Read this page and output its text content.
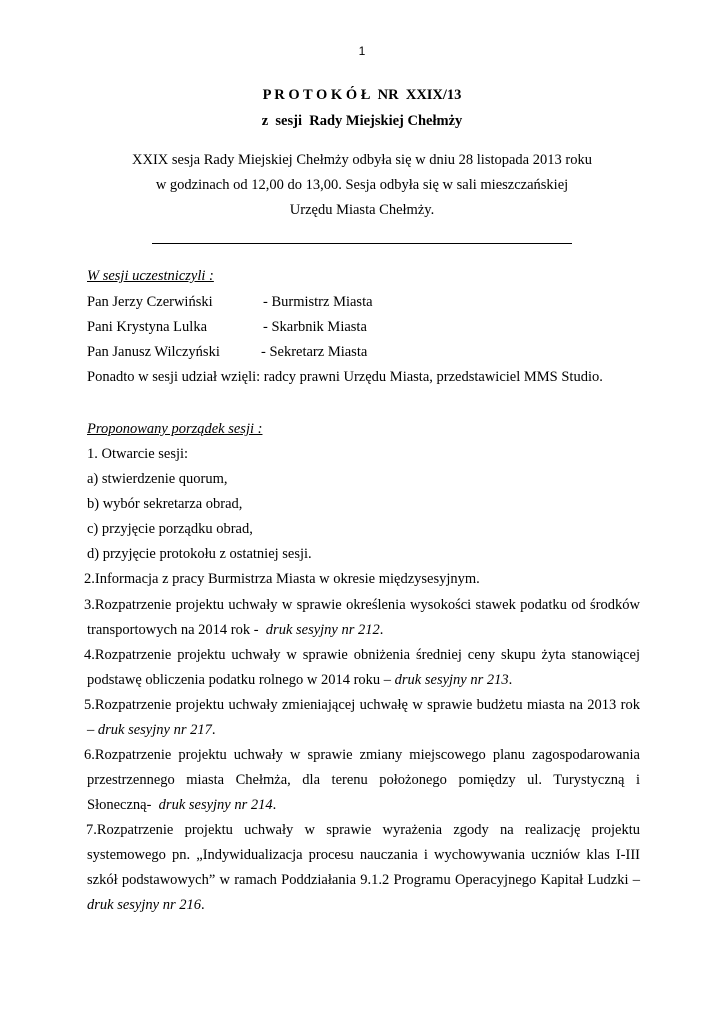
1
P R O T O K Ó Ł  NR  XXIX/13
z  sesji  Rady Miejskiej Chełmży
XXIX sesja Rady Miejskiej Chełmży odbyła się w dniu 28 listopada 2013 roku
w godzinach od 12,00 do 13,00. Sesja odbyła się w sali mieszczańskiej
Urzędu Miasta Chełmży.
W sesji uczestniczyli :
Pan Jerzy Czerwiński	- Burmistrz Miasta
Pani Krystyna Lulka	- Skarbnik Miasta
Pan Janusz Wilczyński	- Sekretarz Miasta
Ponadto w sesji udział wzięli: radcy prawni Urzędu Miasta, przedstawiciel MMS Studio.
Proponowany porządek sesji :
1. Otwarcie sesji:
a) stwierdzenie quorum,
b) wybór sekretarza obrad,
c) przyjęcie porządku obrad,
d) przyjęcie protokołu z ostatniej sesji.
2.Informacja z pracy Burmistrza Miasta w okresie międzysesyjnym.
3.Rozpatrzenie projektu uchwały w sprawie określenia wysokości stawek podatku od środków
transportowych na 2014 rok - druk sesyjny nr 212.
4.Rozpatrzenie projektu uchwały w sprawie obniżenia średniej ceny skupu żyta stanowiącej
podstawę obliczenia podatku rolnego w 2014 roku – druk sesyjny nr 213.
5.Rozpatrzenie projektu uchwały zmieniającej uchwałę w sprawie budżetu miasta na 2013 rok
– druk sesyjny nr 217.
6.Rozpatrzenie projektu uchwały w sprawie zmiany miejscowego planu zagospodarowania
przestrzennego miasta Chełmża, dla terenu położonego pomiędzy ul. Turystyczną i
Słoneczną- druk sesyjny nr 214.
7.Rozpatrzenie projektu uchwały w sprawie wyrażenia zgody na realizację projektu
systemowego pn. „Indywidualizacja procesu nauczania i wychowywania uczniów klas I-III
szkół podstawowych” w ramach Poddziałania 9.1.2 Programu Operacyjnego Kapitał Ludzki –
druk sesyjny nr 216.
